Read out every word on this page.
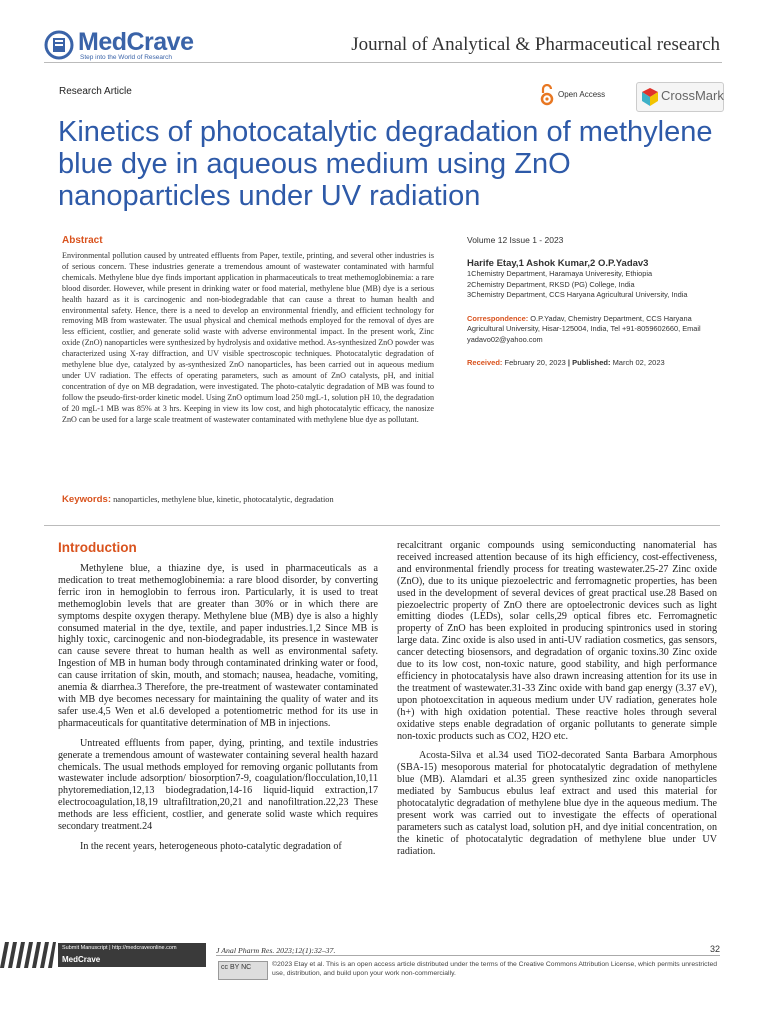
MedCrave
Step into the World of Research
Journal of Analytical & Pharmaceutical research
Research Article	Open Access	CrossMark
Kinetics of photocatalytic degradation of methylene blue dye in aqueous medium using ZnO nanoparticles under UV radiation
Abstract
Environmental pollution caused by untreated effluents from Paper, textile, printing, and several other industries is of serious concern. These industries generate a tremendous amount of wastewater contaminated with harmful chemicals. Methylene blue dye finds important application in pharmaceuticals to treat methemoglobinemia: a rare blood disorder. However, while present in drinking water or food material, methylene blue (MB) dye is a serious health hazard as it is carcinogenic and non-biodegradable that can cause a threat to human health and environmental safety. Hence, there is a need to develop an environmental friendly, and efficient technology for removing MB from wastewater. The usual physical and chemical methods employed for the removal of dyes are less efficient, costlier, and generate solid waste with adverse environmental impact. In the present work, Zinc oxide (ZnO) nanoparticles were synthesized by hydrolysis and oxidative method. As-synthesized ZnO powder was characterized using X-ray diffraction, and UV visible spectroscopic techniques. Photocatalytic degradation of methylene blue dye, catalyzed by as-synthesized ZnO nanoparticles, has been carried out in aqueous medium under UV radiation. The effects of operating parameters, such as amount of ZnO catalysts, pH, and initial concentration of dye on MB degradation, were investigated. The photo-catalytic degradation of MB was found to follow the pseudo-first-order kinetic model. Using ZnO optimum load 250 mgL-1, solution pH 10, the degradation of 20 mgL-1 MB was 85% at 3 hrs. Keeping in view its low cost, and high photocatalytic efficacy, the nanosize ZnO can be used for a large scale treatment of wastewater contaminated with methylene blue dye as pollutant.
Keywords: nanoparticles, methylene blue, kinetic, photocatalytic, degradation
Volume 12 Issue 1 - 2023
Harife Etay,1 Ashok Kumar,2 O.P.Yadav3
1Chemistry Department, Haramaya Univeresity, Ethiopia
2Chemistry Department, RKSD (PG) College, India
3Chemistry Department, CCS Haryana Agricultural University, India
Correspondence: O.P.Yadav, Chemistry Department, CCS Haryana Agricultural University, Hisar-125004, India, Tel +91-8059602660, Email yadavo02@yahoo.com
Received: February 20, 2023 | Published: March 02, 2023
Introduction

Methylene blue, a thiazine dye, is used in pharmaceuticals as a medication to treat methemoglobinemia: a rare blood disorder, by converting ferric iron in hemoglobin to ferrous iron. Particularly, it is used to treat methemoglobin levels that are greater than 30% or in which there are symptoms despite oxygen therapy. Methylene blue (MB) dye is also a highly consumed material in the dye, textile, and paper industries.1,2 Since MB is highly toxic, carcinogenic and non-biodegradable, its presence in wastewater can cause severe threat to human health as well as environmental safety. Ingestion of MB in human body through contaminated drinking water or food, can cause irritation of skin, mouth, and stomach; nausea, headache, vomiting, anemia & diarrhea.3 Therefore, the pre-treatment of wastewater contaminated with MB dye becomes necessary for maintaining the quality of water and its safer use.4,5 Wen et al.6 developed a potentiometric method for its use in pharmaceuticals for quantitative determination of MB in injections.

Untreated effluents from paper, dying, printing, and textile industries generate a tremendous amount of wastewater containing several health hazard chemicals. The usual methods employed for removing organic pollutants from wastewater include adsorption/ biosorption7-9, coagulation/flocculation,10,11 phytoremediation,12,13 biodegradation,14-16 liquid-liquid extraction,17 electrocoagulation,18,19 ultrafiltration,20,21 and nanofiltration.22,23 These methods are less efficient, costlier, and generate solid waste which requires secondary treatment.24

In the recent years, heterogeneous photo-catalytic degradation of

recalcitrant organic compounds using semiconducting nanomaterial has received increased attention because of its high efficiency, cost-effectiveness, and environmental friendly process for treating wastewater.25-27 Zinc oxide (ZnO), due to its unique piezoelectric and ferromagnetic properties, has been used in the development of several devices of great practical use.28 Based on piezoelectric property of ZnO there are optoelectronic devices such as light emitting diodes (LEDs), solar cells,29 optical fibres etc. Ferromagnetic property of ZnO has been exploited in producing spintronics used in storing large data. Zinc oxide is also used in anti-UV radiation cosmetics, gas sensors, cancer detecting biosensors, and degradation of organic toxins.30 Zinc oxide due to its low cost, non-toxic nature, good stability, and high performance efficiency in photocatalysis have also drawn increasing attention for its use in the treatment of wastewater.31-33 Zinc oxide with band gap energy (3.37 eV), upon photoexcitation in aqueous medium under UV radiation, generates hole (h+) with high oxidation potential. These reactive holes through several oxidative steps enable degradation of organic pollutants to generate simple non-toxic products such as CO2, H2O etc.

Acosta-Silva et al.34 used TiO2-decorated Santa Barbara Amorphous (SBA-15) mesoporous material for photocatalytic degradation of methylene blue (MB). Alamdari et al.35 green synthesized zinc oxide nanoparticles mediated by Sambucus ebulus leaf extract and used this material for photocatalytic degradation of methylene blue dye in the aqueous medium. The present work was carried out to investigate the effects of operational parameters such as catalyst load, solution pH, and dye initial concentration, on the kinetic of photocatalytic degradation of methylene blue under UV radiation.

Submit Manuscript | http://medcraveonline.com
MedCrave
J Anal Pharm Res. 2023;12(1):32‒37.	32
cc BY NC	©2023 Etay et al. This is an open access article distributed under the terms of the Creative Commons Attribution License, which permits unrestricted use, distribution, and build upon your work non-commercially.
